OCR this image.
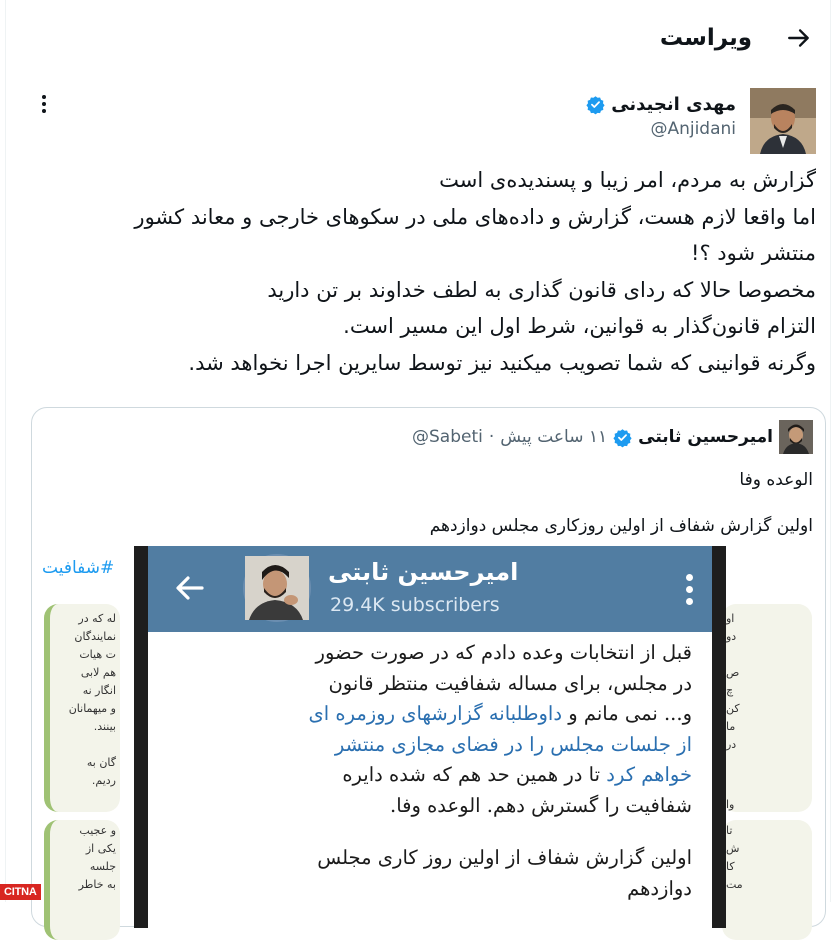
ویراست
مهدی انجیدنی
@Anjidani
گزارش به مردم، امر زیبا و پسندیده‌ی است
اما واقعا لازم هست، گزارش و داده‌های ملی در سکوهای خارجی و معاند کشور
منتشر شود ؟!
مخصوصا حالا که ردای قانون گذاری به لطف خداوند بر تن دارید
التزام قانون‌گذار به قوانین، شرط اول این مسیر است.
وگرنه قوانینی که شما تصویب میکنید نیز توسط سایرین اجرا نخواهد شد.
امیرحسین ثابتی
@Sabeti · ۱۱ ساعت پیش
الوعده وفا
اولین گزارش شفاف از اولین روزکاری مجلس دوازدهم
#شفافیت
له که در
نمایندگان
ت هیات
هم لابی
انگار نه
و میهمانان
بینند.
گان به
ردیم.
و عجیب
یکی از
جلسه
به خاطر
او
دو
ص
چ
کن
ما
در
وا
تا
ش
کا
مت
امیرحسین ثابتی
29.4K subscribers
قبل از انتخابات وعده دادم که در صورت حضور
در مجلس، برای مساله شفافیت منتظر قانون
و... نمی مانم و داوطلبانه گزارشهای روزمره ای
از جلسات مجلس را در فضای مجازی منتشر
خواهم کرد تا در همین حد هم که شده دایره
شفافیت را گسترش دهم. الوعده وفا.
اولین گزارش شفاف از اولین روز کاری مجلس
دوازدهم
CITNA
